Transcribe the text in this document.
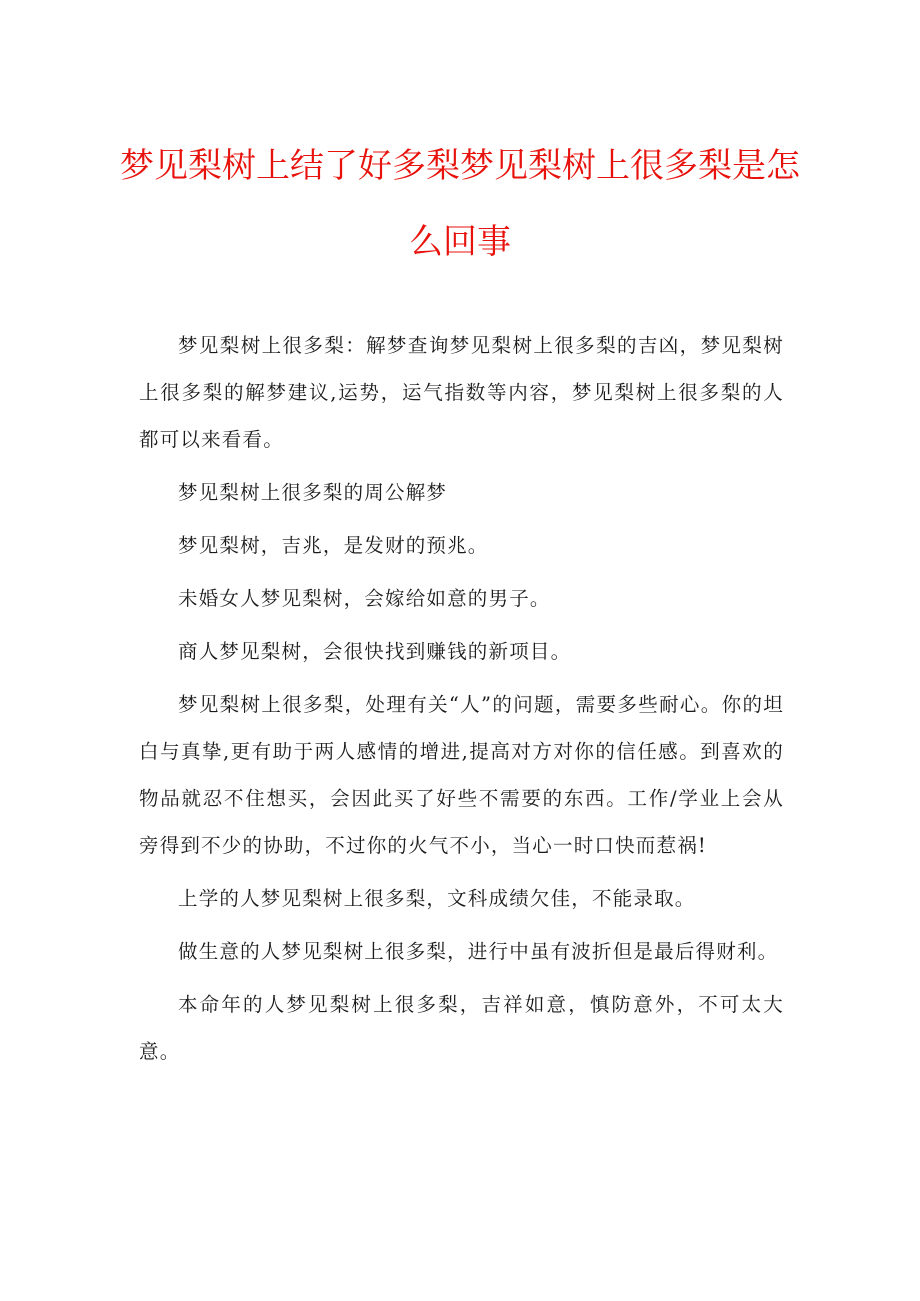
梦见梨树上结了好多梨梦见梨树上很多梨是怎么回事

梦见梨树上很多梨：解梦查询梦见梨树上很多梨的吉凶，梦见梨树上很多梨的解梦建议,运势，运气指数等内容，梦见梨树上很多梨的人都可以来看看。

梦见梨树上很多梨的周公解梦

梦见梨树，吉兆，是发财的预兆。

未婚女人梦见梨树，会嫁给如意的男子。

商人梦见梨树，会很快找到赚钱的新项目。

梦见梨树上很多梨，处理有关“人”的问题，需要多些耐心。你的坦白与真挚,更有助于两人感情的增进,提高对方对你的信任感。到喜欢的物品就忍不住想买，会因此买了好些不需要的东西。工作/学业上会从旁得到不少的协助，不过你的火气不小，当心一时口快而惹祸!

上学的人梦见梨树上很多梨，文科成绩欠佳，不能录取。

做生意的人梦见梨树上很多梨，进行中虽有波折但是最后得财利。

本命年的人梦见梨树上很多梨，吉祥如意，慎防意外，不可太大意。
